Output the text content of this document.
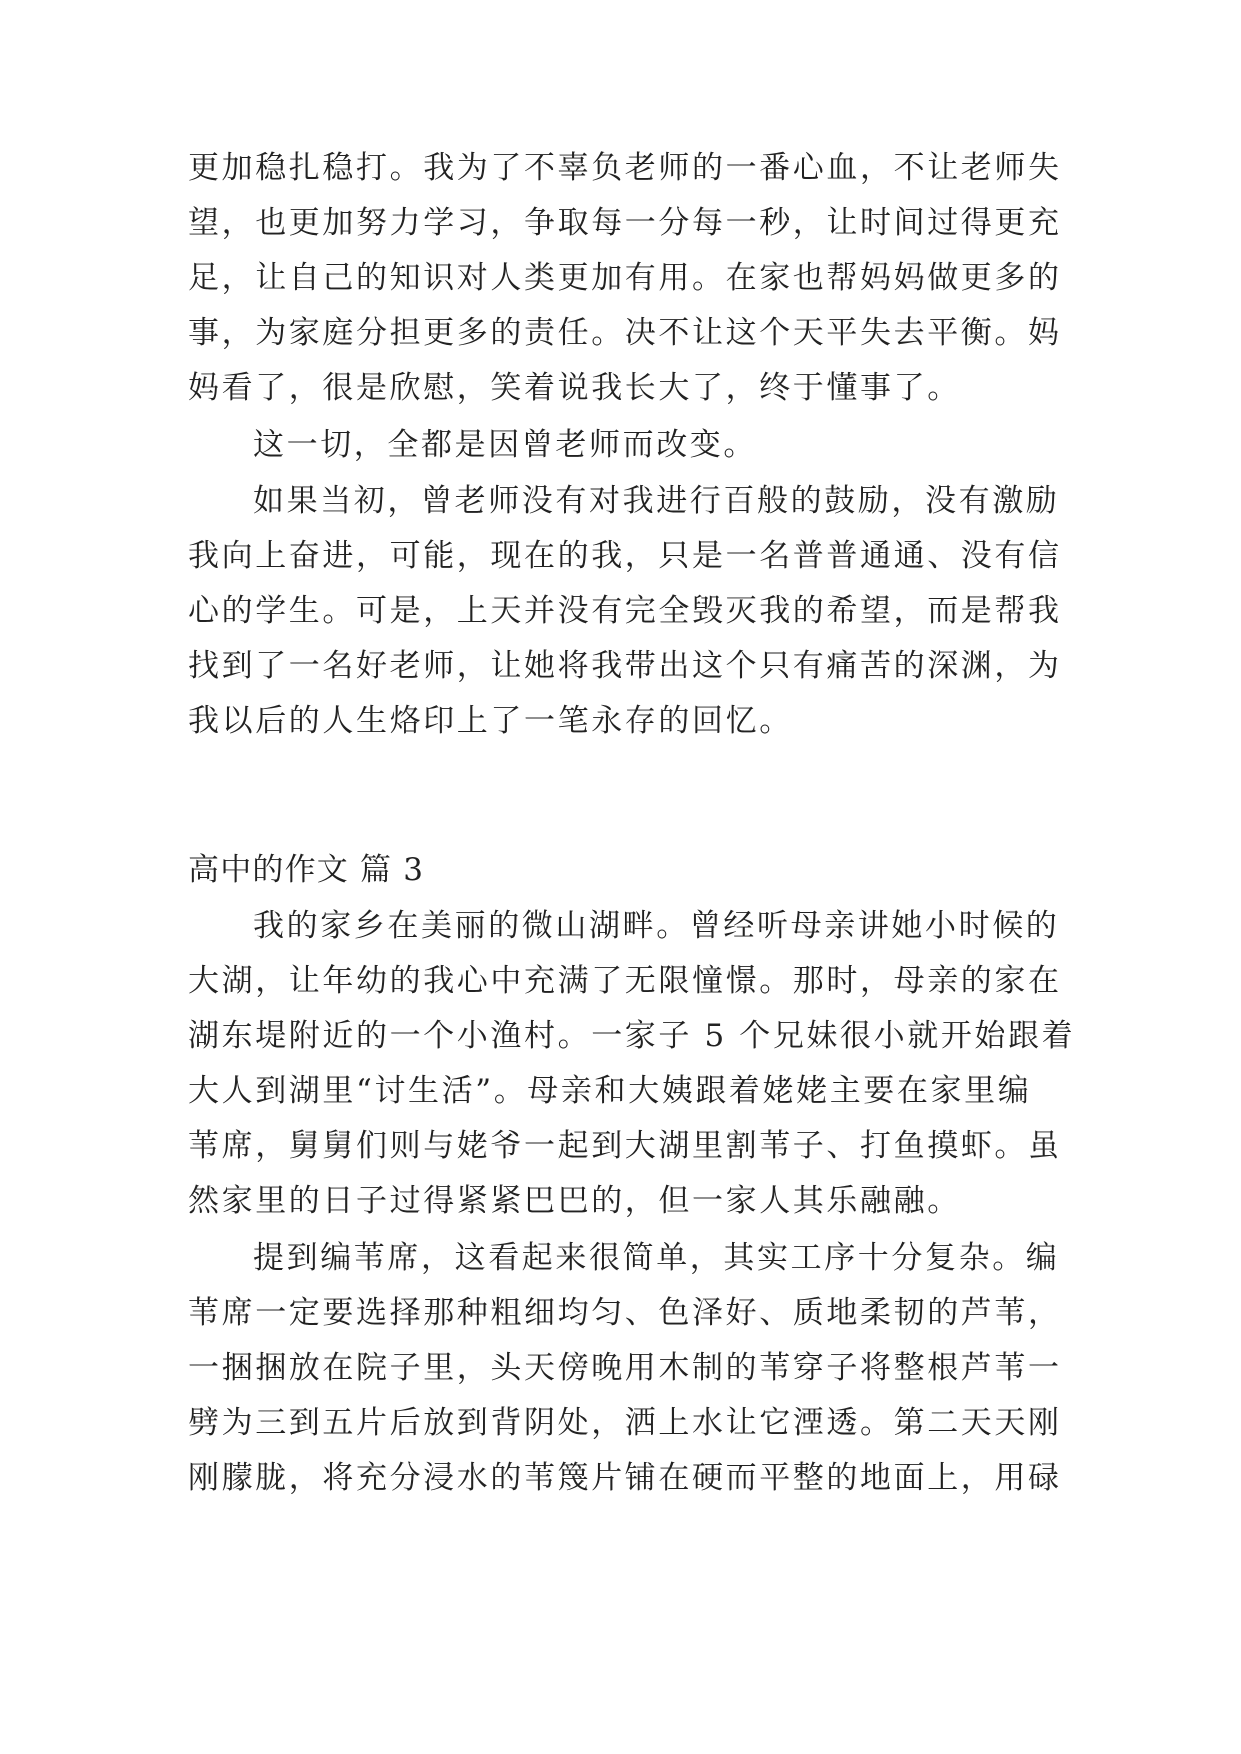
更加稳扎稳打。我为了不辜负老师的一番心血，不让老师失
望，也更加努力学习，争取每一分每一秒，让时间过得更充
足，让自己的知识对人类更加有用。在家也帮妈妈做更多的
事，为家庭分担更多的责任。决不让这个天平失去平衡。妈
妈看了，很是欣慰，笑着说我长大了，终于懂事了。
这一切，全都是因曾老师而改变。
如果当初，曾老师没有对我进行百般的鼓励，没有激励
我向上奋进，可能，现在的我，只是一名普普通通、没有信
心的学生。可是，上天并没有完全毁灭我的希望，而是帮我
找到了一名好老师，让她将我带出这个只有痛苦的深渊，为
我以后的人生烙印上了一笔永存的回忆。
高中的作文 篇 3
我的家乡在美丽的微山湖畔。曾经听母亲讲她小时候的
大湖，让年幼的我心中充满了无限憧憬。那时，母亲的家在
湖东堤附近的一个小渔村。一家子 5 个兄妹很小就开始跟着
大人到湖里“讨生活”。母亲和大姨跟着姥姥主要在家里编
苇席，舅舅们则与姥爷一起到大湖里割苇子、打鱼摸虾。虽
然家里的日子过得紧紧巴巴的，但一家人其乐融融。
提到编苇席，这看起来很简单，其实工序十分复杂。编
苇席一定要选择那种粗细均匀、色泽好、质地柔韧的芦苇，
一捆捆放在院子里，头天傍晚用木制的苇穿子将整根芦苇一
劈为三到五片后放到背阴处，洒上水让它湮透。第二天天刚
刚朦胧，将充分浸水的苇篾片铺在硬而平整的地面上，用碌
